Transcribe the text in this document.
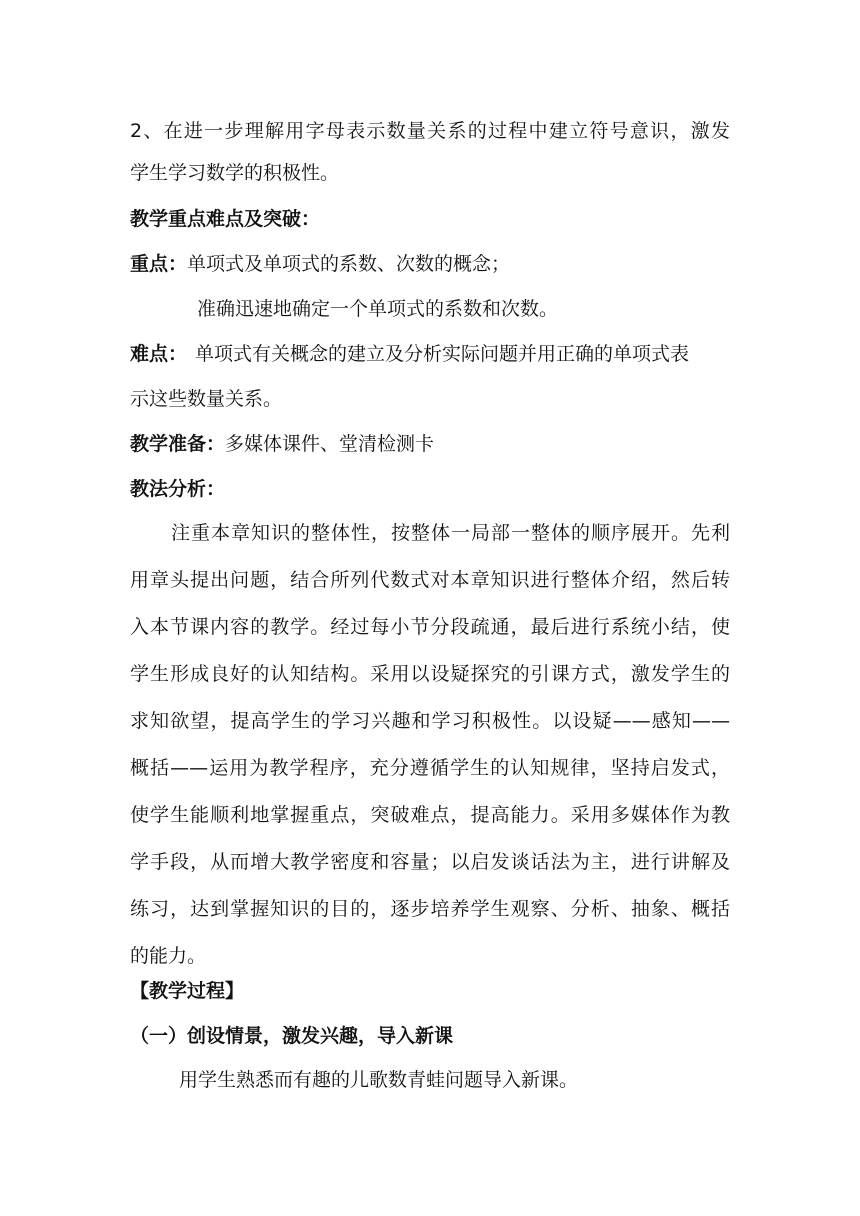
2、在进一步理解用字母表示数量关系的过程中建立符号意识，激发
学生学习数学的积极性。
教学重点难点及突破：
重点：单项式及单项式的系数、次数的概念；
准确迅速地确定一个单项式的系数和次数。
难点： 单项式有关概念的建立及分析实际问题并用正确的单项式表
示这些数量关系。
教学准备：多媒体课件、堂清检测卡
教法分析：
注重本章知识的整体性，按整体一局部一整体的顺序展开。先利
用章头提出问题，结合所列代数式对本章知识进行整体介绍，然后转
入本节课内容的教学。经过每小节分段疏通，最后进行系统小结，使
学生形成良好的认知结构。采用以设疑探究的引课方式，激发学生的
求知欲望，提高学生的学习兴趣和学习积极性。以设疑——感知——
概括——运用为教学程序，充分遵循学生的认知规律，坚持启发式，
使学生能顺利地掌握重点，突破难点，提高能力。采用多媒体作为教
学手段，从而增大教学密度和容量；以启发谈话法为主，进行讲解及
练习，达到掌握知识的目的，逐步培养学生观察、分析、抽象、概括
的能力。
【教学过程】
（一）创设情景，激发兴趣，导入新课
用学生熟悉而有趣的儿歌数青蛙问题导入新课。
